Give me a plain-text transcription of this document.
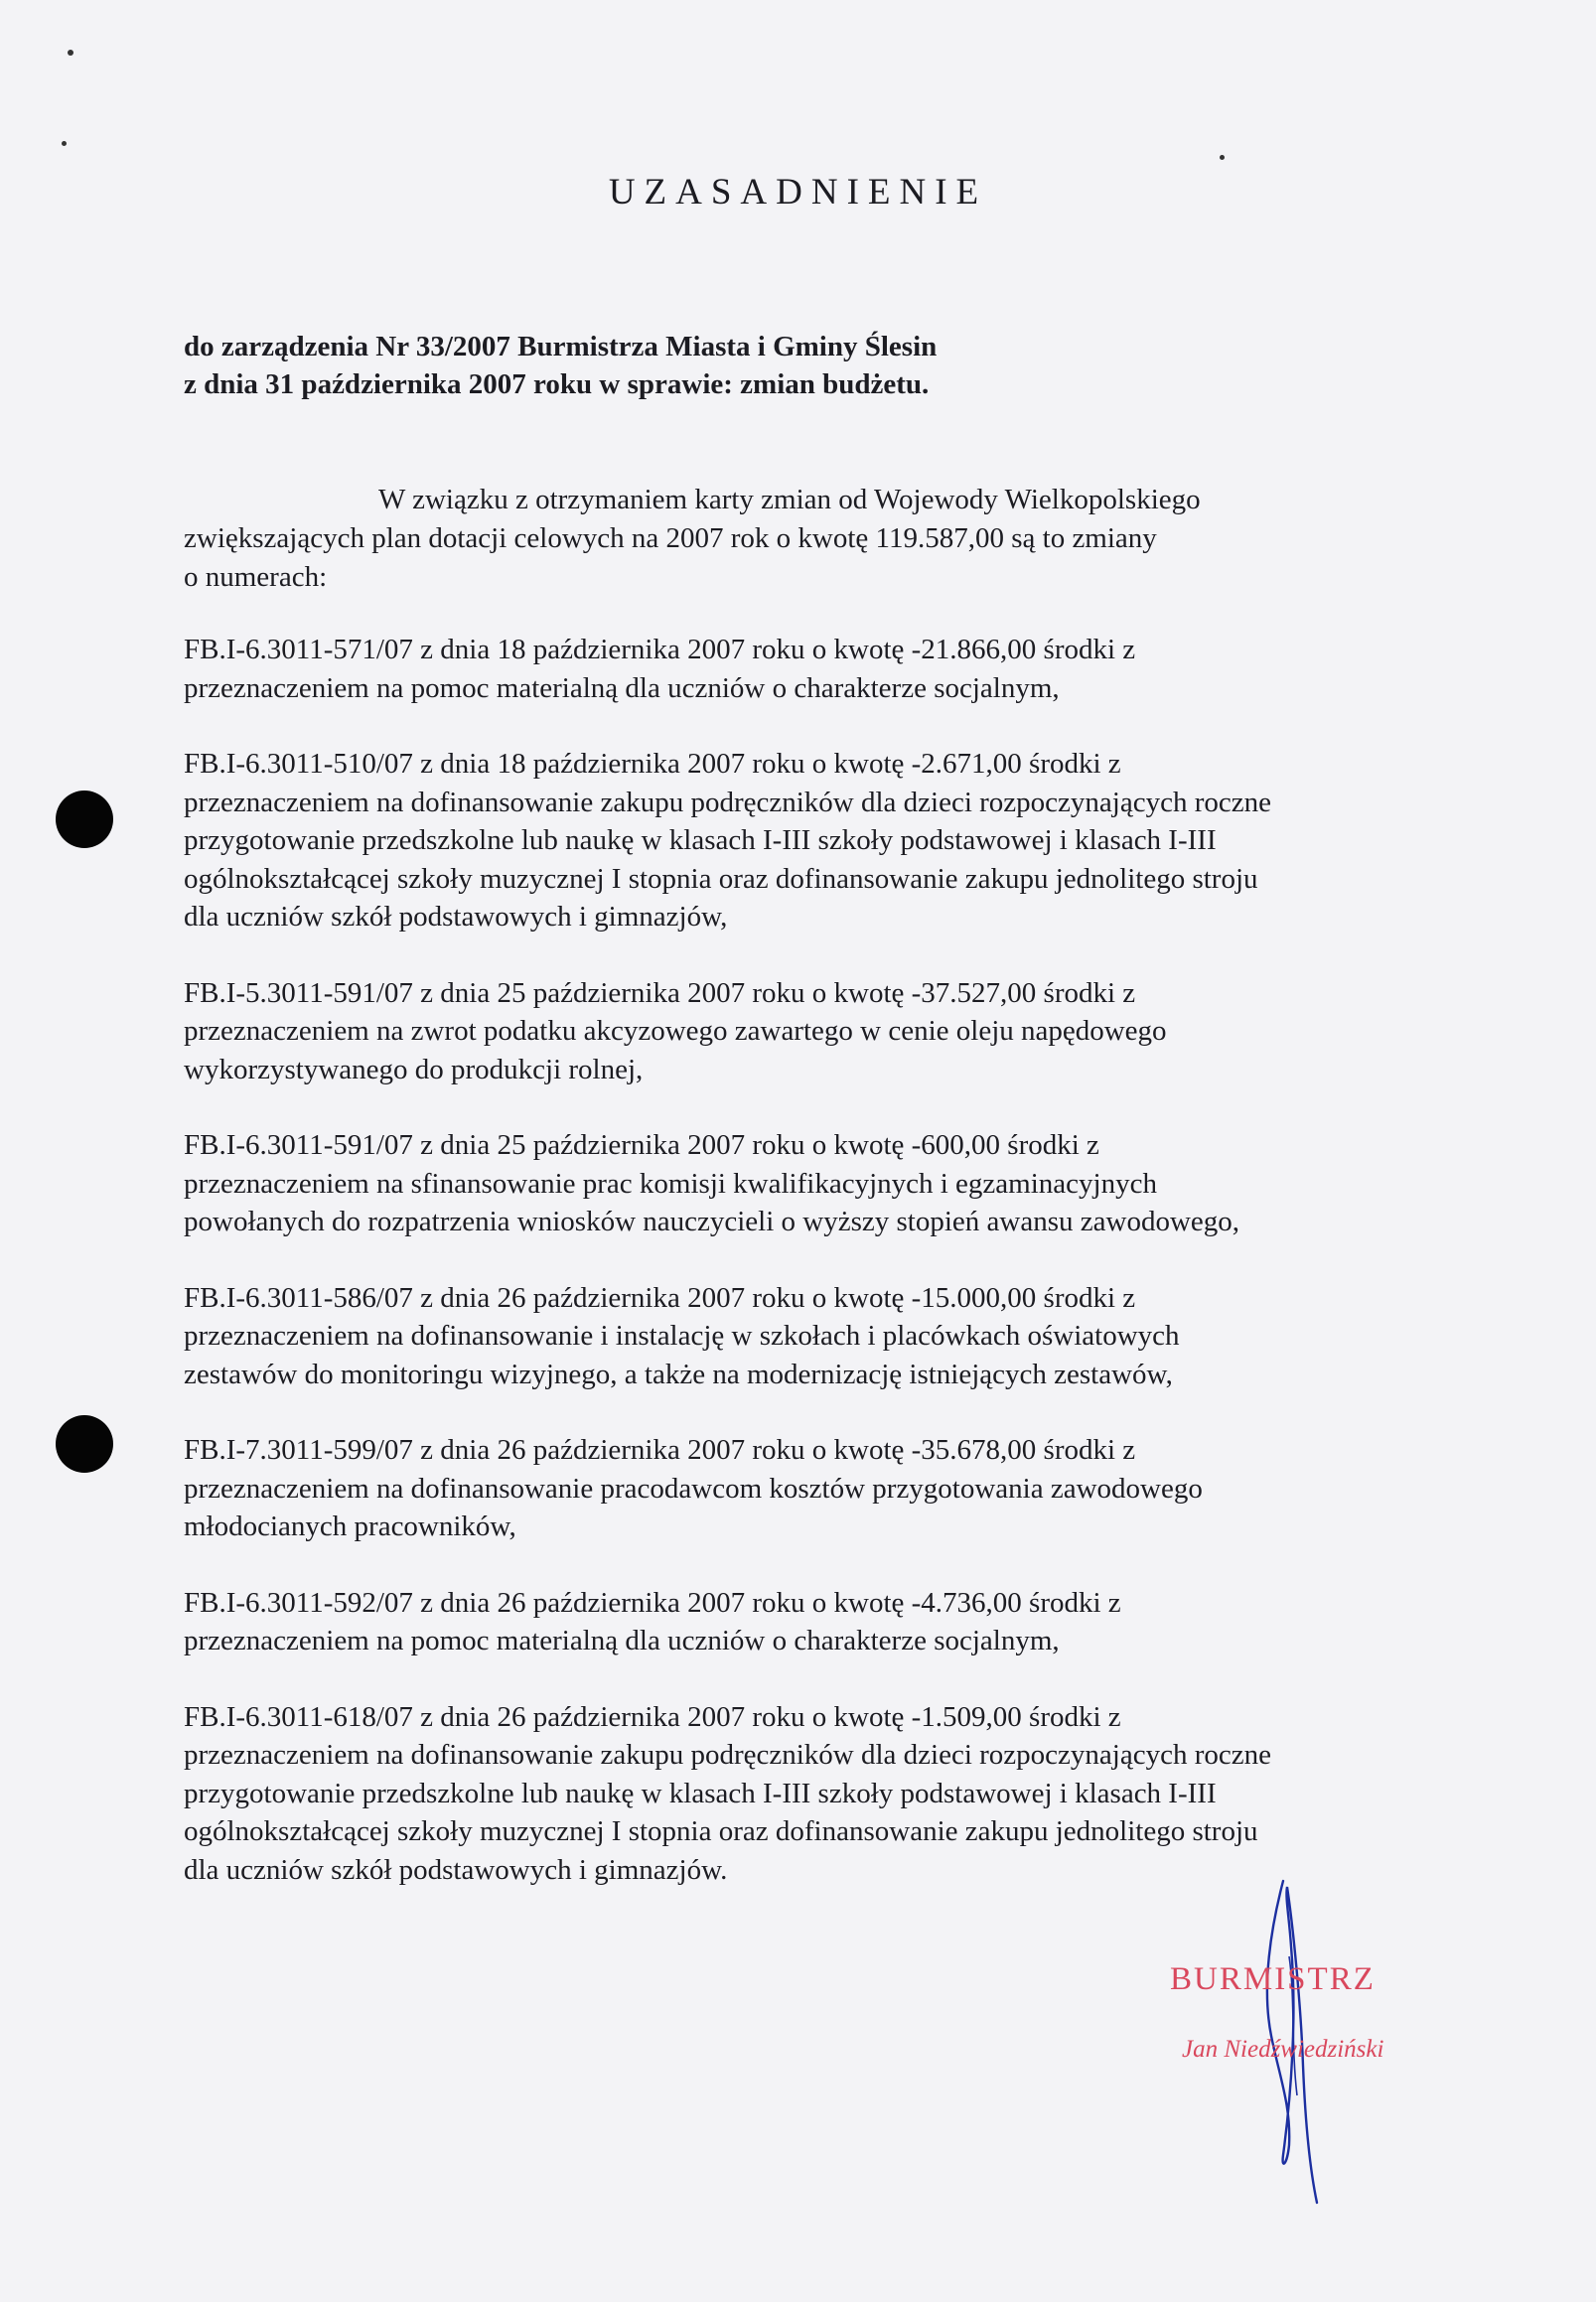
UZASADNIENIE
do zarządzenia Nr 33/2007 Burmistrza Miasta i Gminy Ślesin
z dnia 31 października 2007 roku w sprawie: zmian budżetu.
W związku z otrzymaniem karty zmian od Wojewody Wielkopolskiego
zwiększających plan dotacji celowych na 2007 rok o kwotę 119.587,00 są to zmiany
o numerach:
FB.I-6.3011-571/07 z dnia 18 października 2007 roku o kwotę -21.866,00 środki z
przeznaczeniem na pomoc materialną dla uczniów o charakterze socjalnym,
FB.I-6.3011-510/07 z dnia 18 października 2007 roku o kwotę -2.671,00 środki z
przeznaczeniem na dofinansowanie zakupu podręczników dla dzieci rozpoczynających roczne
przygotowanie przedszkolne lub naukę w klasach I-III szkoły podstawowej i klasach I-III
ogólnokształcącej szkoły muzycznej I stopnia oraz dofinansowanie zakupu jednolitego stroju
dla uczniów szkół podstawowych i gimnazjów,
FB.I-5.3011-591/07 z dnia 25 października 2007 roku o kwotę -37.527,00 środki z
przeznaczeniem na zwrot podatku akcyzowego zawartego w cenie oleju napędowego
wykorzystywanego do produkcji rolnej,
FB.I-6.3011-591/07 z dnia 25 października 2007 roku o kwotę -600,00 środki z
przeznaczeniem na sfinansowanie prac komisji kwalifikacyjnych i egzaminacyjnych
powołanych do rozpatrzenia wniosków nauczycieli o wyższy stopień awansu zawodowego,
FB.I-6.3011-586/07 z dnia 26 października 2007 roku o kwotę -15.000,00 środki z
przeznaczeniem na dofinansowanie i instalację w szkołach i placówkach oświatowych
zestawów do monitoringu wizyjnego, a także na modernizację istniejących zestawów,
FB.I-7.3011-599/07 z dnia 26 października 2007 roku o kwotę -35.678,00 środki z
przeznaczeniem na dofinansowanie pracodawcom kosztów przygotowania zawodowego
młodocianych pracowników,
FB.I-6.3011-592/07 z dnia 26 października 2007 roku o kwotę -4.736,00 środki z
przeznaczeniem na pomoc materialną dla uczniów o charakterze socjalnym,
FB.I-6.3011-618/07 z dnia 26 października 2007 roku o kwotę -1.509,00 środki z
przeznaczeniem na dofinansowanie zakupu podręczników dla dzieci rozpoczynających roczne
przygotowanie przedszkolne lub naukę w klasach I-III szkoły podstawowej i klasach I-III
ogólnokształcącej szkoły muzycznej I stopnia oraz dofinansowanie zakupu jednolitego stroju
dla uczniów szkół podstawowych i gimnazjów.
BURMISTRZ
Jan Niedźwiedziński
